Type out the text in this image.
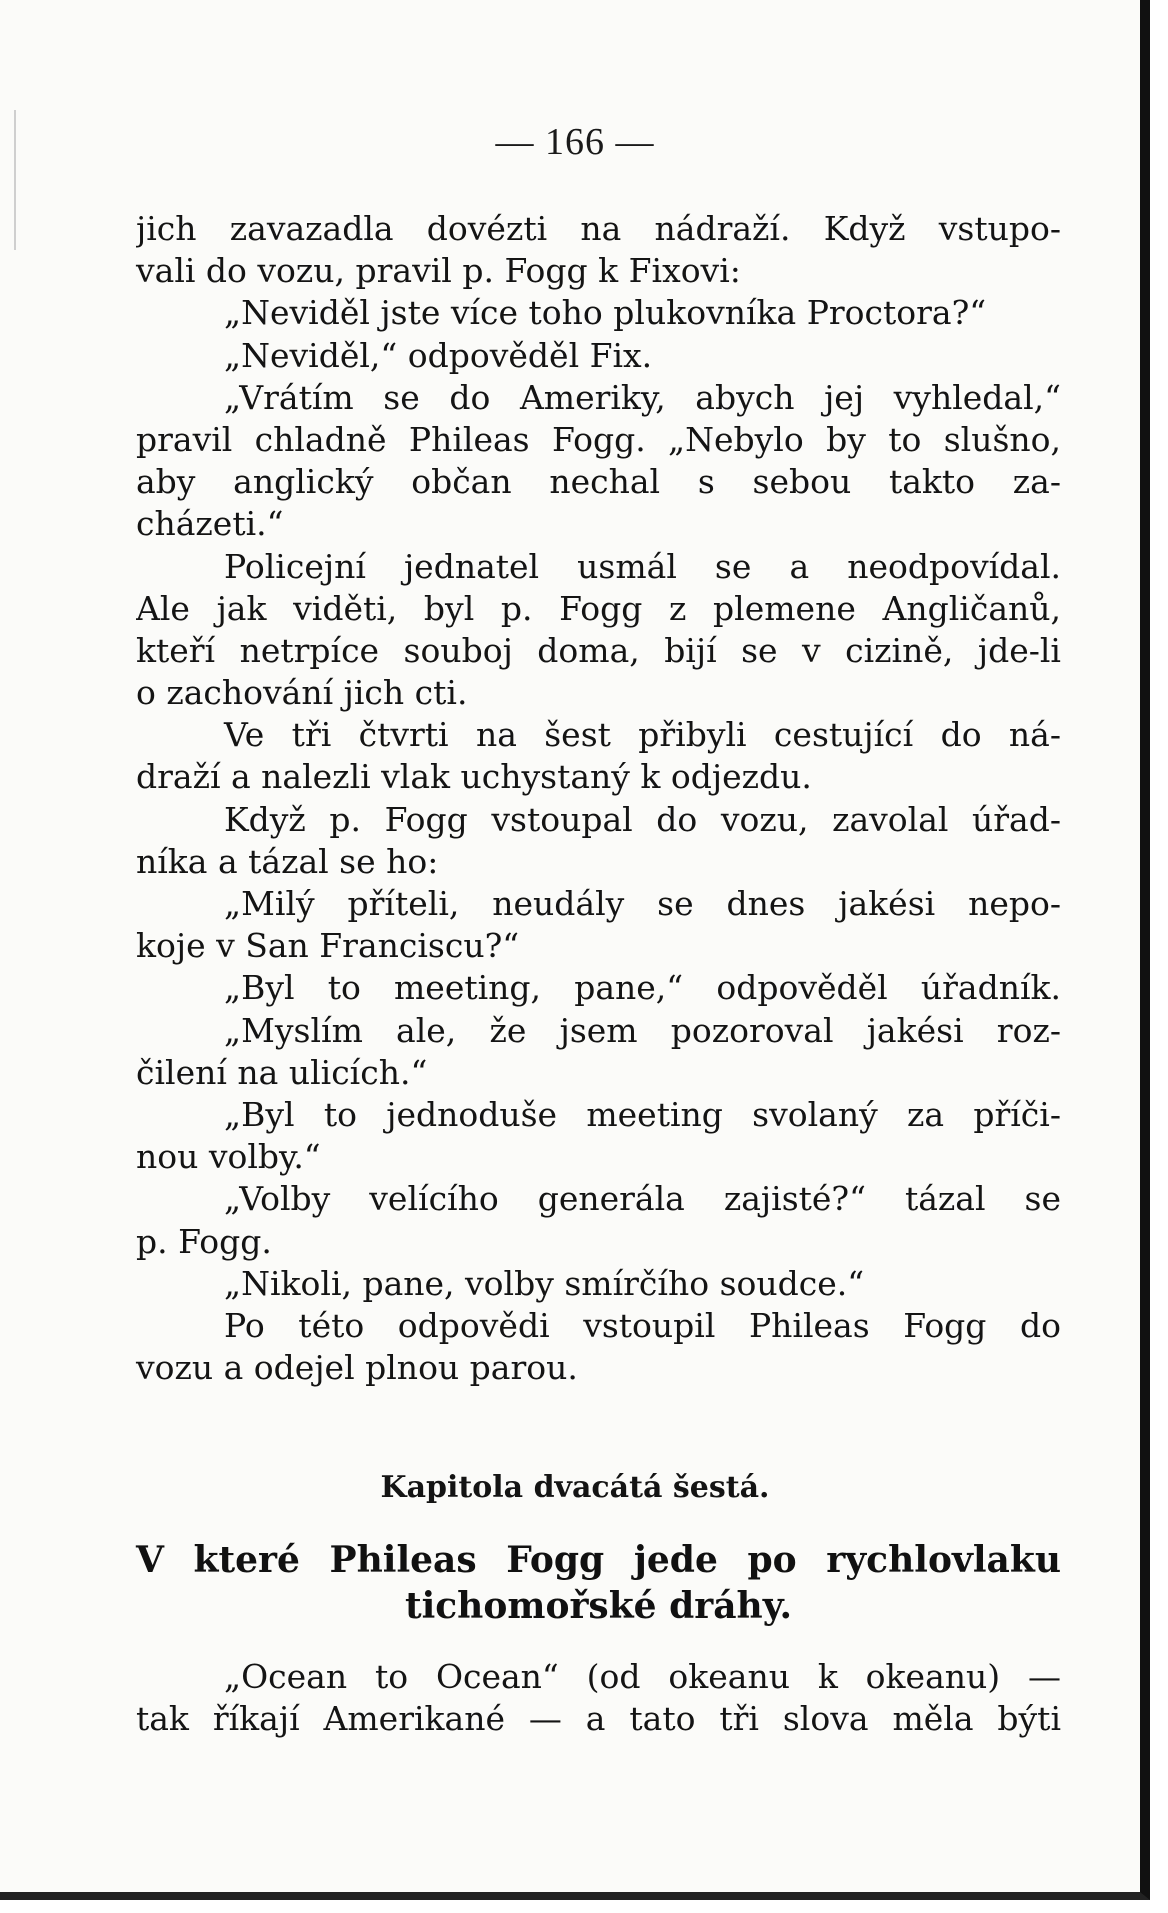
— 166 —
jich zavazadla dovézti na nádraží. Když vstupo-
vali do vozu, pravil p. Fogg k Fixovi:
„Neviděl jste více toho plukovníka Proctora?“
„Neviděl,“ odpověděl Fix.
„Vrátím se do Ameriky, abych jej vyhledal,“
pravil chladně Phileas Fogg. „Nebylo by to slušno,
aby anglický občan nechal s sebou takto za-
cházeti.“
Policejní jednatel usmál se a neodpovídal.
Ale jak viděti, byl p. Fogg z plemene Angličanů,
kteří netrpíce souboj doma, bijí se v cizině, jde-li
o zachování jich cti.
Ve tři čtvrti na šest přibyli cestující do ná-
draží a nalezli vlak uchystaný k odjezdu.
Když p. Fogg vstoupal do vozu, zavolal úřad-
níka a tázal se ho:
„Milý příteli, neudály se dnes jakési nepo-
koje v San Franciscu?“
„Byl to meeting, pane,“ odpověděl úřadník.
„Myslím ale, že jsem pozoroval jakési roz-
čilení na ulicích.“
„Byl to jednoduše meeting svolaný za příči-
nou volby.“
„Volby velícího generála zajisté?“ tázal se
p. Fogg.
„Nikoli, pane, volby smírčího soudce.“
Po této odpovědi vstoupil Phileas Fogg do
vozu a odejel plnou parou.
Kapitola dvacátá šestá.
V které Phileas Fogg jede po rychlovlaku
tichomořské dráhy.
„Ocean to Ocean“ (od okeanu k okeanu) —
tak říkají Amerikané — a tato tři slova měla býti
